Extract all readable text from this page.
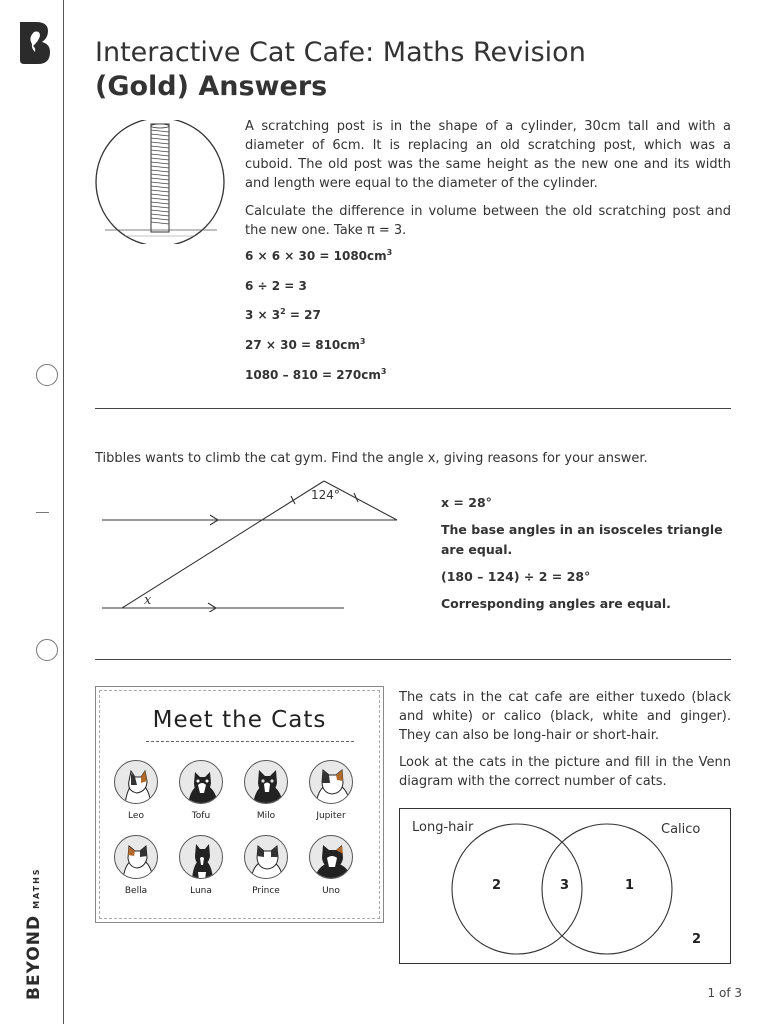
BEYONDMATHS
Interactive Cat Cafe: Maths Revision
(Gold) Answers
A scratching post is in the shape of a cylinder, 30cm tall and with a diameter of 6cm. It is replacing an old scratching post, which was a cuboid. The old post was the same height as the new one and its width and length were equal to the diameter of the cylinder.
Calculate the difference in volume between the old scratching post and the new one. Take π = 3.
$6 \times 6 \times 30 = 1080cm^3$
6 ÷ 2 = 3
$3 \times 3^2 = 27$
$27 \times 30 = 810cm^3$
$1080 - 810 = 270cm^3$
Tibbles wants to climb the cat gym. Find the angle x, giving reasons for your answer.
124°
x
x = 28°
The base angles in an isosceles triangle are equal.
(180 – 124) ÷ 2 = 28°
Corresponding angles are equal.
Meet the Cats
Leo	Tofu	Milo	Jupiter
Bella	Luna	Prince	Uno
The cats in the cat cafe are either tuxedo (black and white) or calico (black, white and ginger). They can also be long-hair or short-hair.
Look at the cats in the picture and fill in the Venn diagram with the correct number of cats.
Long-hair	Calico
2	3	1
2
1 of 3
